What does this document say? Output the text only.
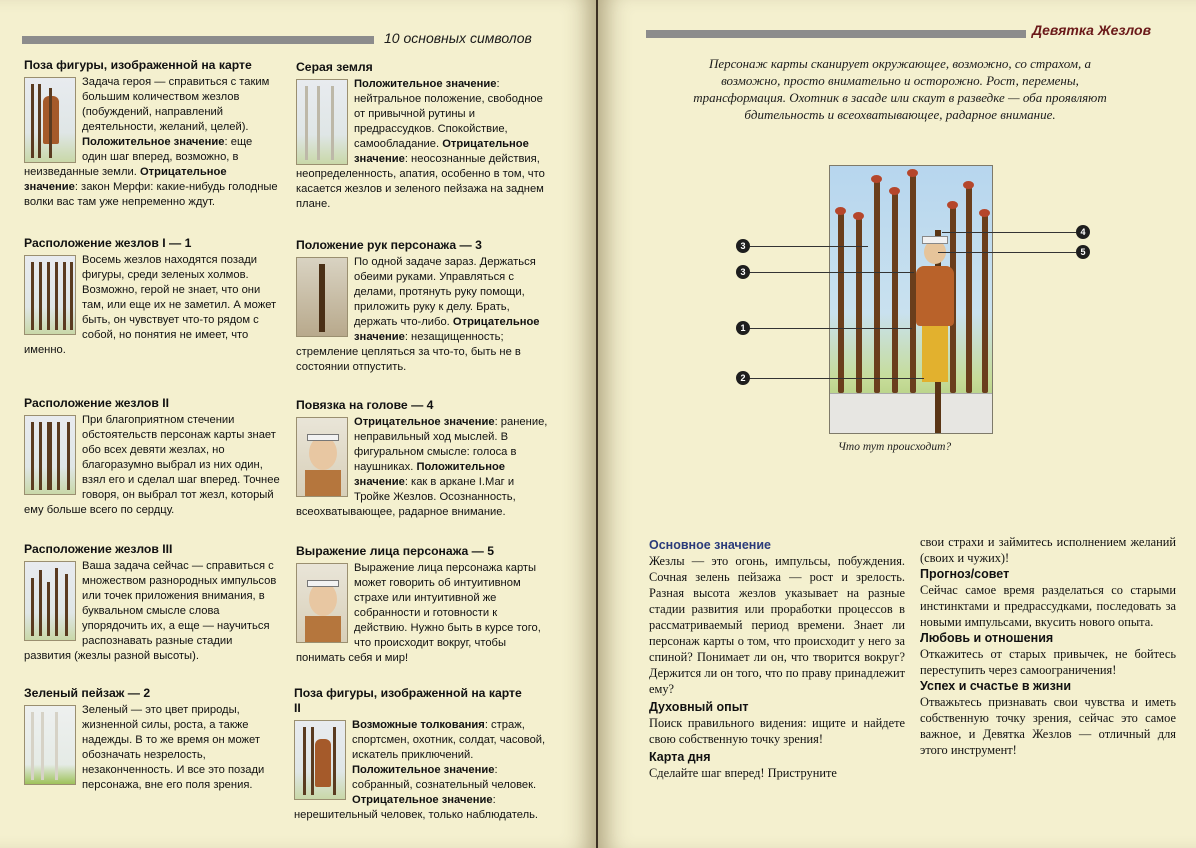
10 основных символов
Поза фигуры, изображенной на карте
Задача героя — справиться с таким большим количеством жезлов (побуждений, направлений деятельности, желаний, целей). Положительное значение: еще один шаг вперед, возможно, в неизведанные земли. Отрицательное значение: закон Мерфи: какие-нибудь голодные волки вас там уже непременно ждут.
Серая земля
Положительное значение: нейтральное положение, свободное от привычной рутины и предрассудков. Спокойствие, самообладание. Отрицательное значение: неосознанные действия, неопределенность, апатия, особенно в том, что касается жезлов и зеленого пейзажа на заднем плане.
Расположение жезлов I — 1
Восемь жезлов находятся позади фигуры, среди зеленых холмов. Возможно, герой не знает, что они там, или еще их не заметил. А может быть, он чувствует что-то рядом с собой, но понятия не имеет, что именно.
Положение рук персонажа — 3
По одной задаче зараз. Держаться обеими руками. Управляться с делами, протянуть руку помощи, приложить руку к делу. Брать, держать что-либо. Отрицательное значение: незащищенность; стремление цепляться за что-то, быть не в состоянии отпустить.
Расположение жезлов II
При благоприятном стечении обстоятельств персонаж карты знает обо всех девяти жезлах, но благоразумно выбрал из них один, взял его и сделал шаг вперед. Точнее говоря, он выбрал тот жезл, который ему больше всего по сердцу.
Повязка на голове — 4
Отрицательное значение: ранение, неправильный ход мыслей. В фигуральном смысле: голоса в наушниках. Положительное значение: как в аркане I.Маг и Тройке Жезлов. Осознанность, всеохватывающее, радарное внимание.
Расположение жезлов III
Ваша задача сейчас — справиться с множеством разнородных импульсов или точек приложения внимания, в буквальном смысле слова упорядочить их, а еще — научиться распознавать разные стадии развития (жезлы разной высоты).
Выражение лица персонажа — 5
Выражение лица персонажа карты может говорить об интуитивном страхе или интуитивной же собранности и готовности к действию. Нужно быть в курсе того, что происходит вокруг, чтобы понимать себя и мир!
Зеленый пейзаж — 2
Зеленый — это цвет природы, жизненной силы, роста, а также надежды. В то же время он может обозначать незрелость, незаконченность. И все это позади персонажа, вне его поля зрения.
Поза фигуры, изображенной на карте II
Возможные толкования: страж, спортсмен, охотник, солдат, часовой, искатель приключений. Положительное значение: собранный, сознательный человек. Отрицательное значение: нерешительный человек, только наблюдатель.
Девятка Жезлов
Персонаж карты сканирует окружающее, возможно, со страхом, а возможно, просто внимательно и осторожно. Рост, перемены, трансформация. Охотник в засаде или скаут в разведке — оба проявляют бдительность и всеохватывающее, радарное внимание.
3
3
1
2
4
5
Что тут происходит?
Основное значение
Жезлы — это огонь, импульсы, побуждения. Сочная зелень пейзажа — рост и зрелость. Разная высота жезлов указывает на разные стадии развития или проработки процессов в рассматриваемый период времени. Знает ли персонаж карты о том, что происходит у него за спиной? Понимает ли он, что творится вокруг? Держится ли он того, что по праву принадлежит ему?
Духовный опыт
Поиск правильного видения: ищите и найдете свою собственную точку зрения!
Карта дня
Сделайте шаг вперед! Приструните
свои страхи и займитесь исполнением желаний (своих и чужих)!
Прогноз/совет
Сейчас самое время разделаться со старыми инстинктами и предрассудками, последовать за новыми импульсами, вкусить нового опыта.
Любовь и отношения
Откажитесь от старых привычек, не бойтесь переступить через самоограничения!
Успех и счастье в жизни
Отважьтесь признавать свои чувства и иметь собственную точку зрения, сейчас это самое важное, и Девятка Жезлов — отличный для этого инструмент!
